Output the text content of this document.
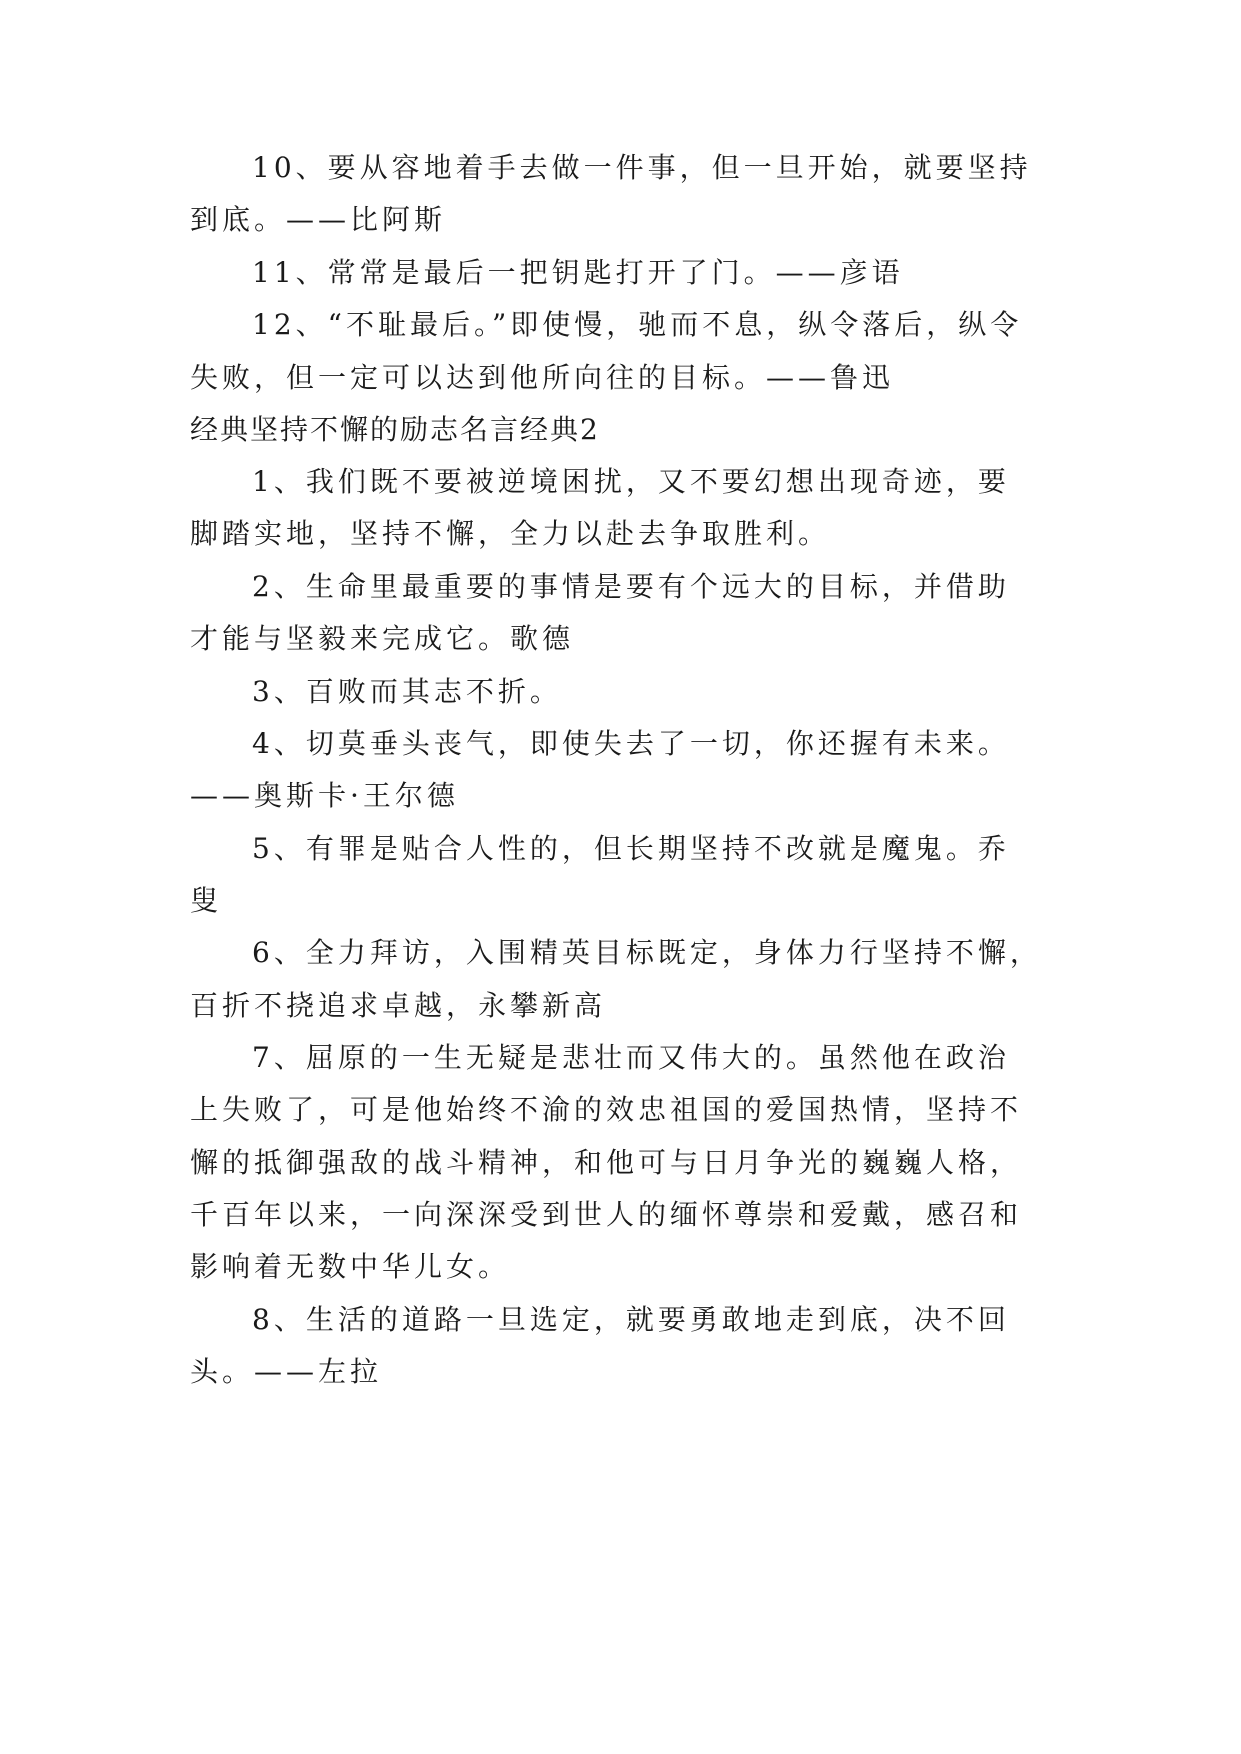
10、要从容地着手去做一件事，但一旦开始，就要坚持
到底。——比阿斯
11、常常是最后一把钥匙打开了门。——彦语
12、“不耻最后。”即使慢，驰而不息，纵令落后，纵令
失败，但一定可以达到他所向往的目标。——鲁迅
经典坚持不懈的励志名言经典2
1、我们既不要被逆境困扰，又不要幻想出现奇迹，要
脚踏实地，坚持不懈，全力以赴去争取胜利。
2、生命里最重要的事情是要有个远大的目标，并借助
才能与坚毅来完成它。歌德
3、百败而其志不折。
4、切莫垂头丧气，即使失去了一切，你还握有未来。
——奥斯卡·王尔德
5、有罪是贴合人性的，但长期坚持不改就是魔鬼。乔
叟
6、全力拜访，入围精英目标既定，身体力行坚持不懈，
百折不挠追求卓越，永攀新高
7、屈原的一生无疑是悲壮而又伟大的。虽然他在政治
上失败了，可是他始终不渝的效忠祖国的爱国热情，坚持不
懈的抵御强敌的战斗精神，和他可与日月争光的巍巍人格，
千百年以来，一向深深受到世人的缅怀尊崇和爱戴，感召和
影响着无数中华儿女。
8、生活的道路一旦选定，就要勇敢地走到底，决不回
头。——左拉
